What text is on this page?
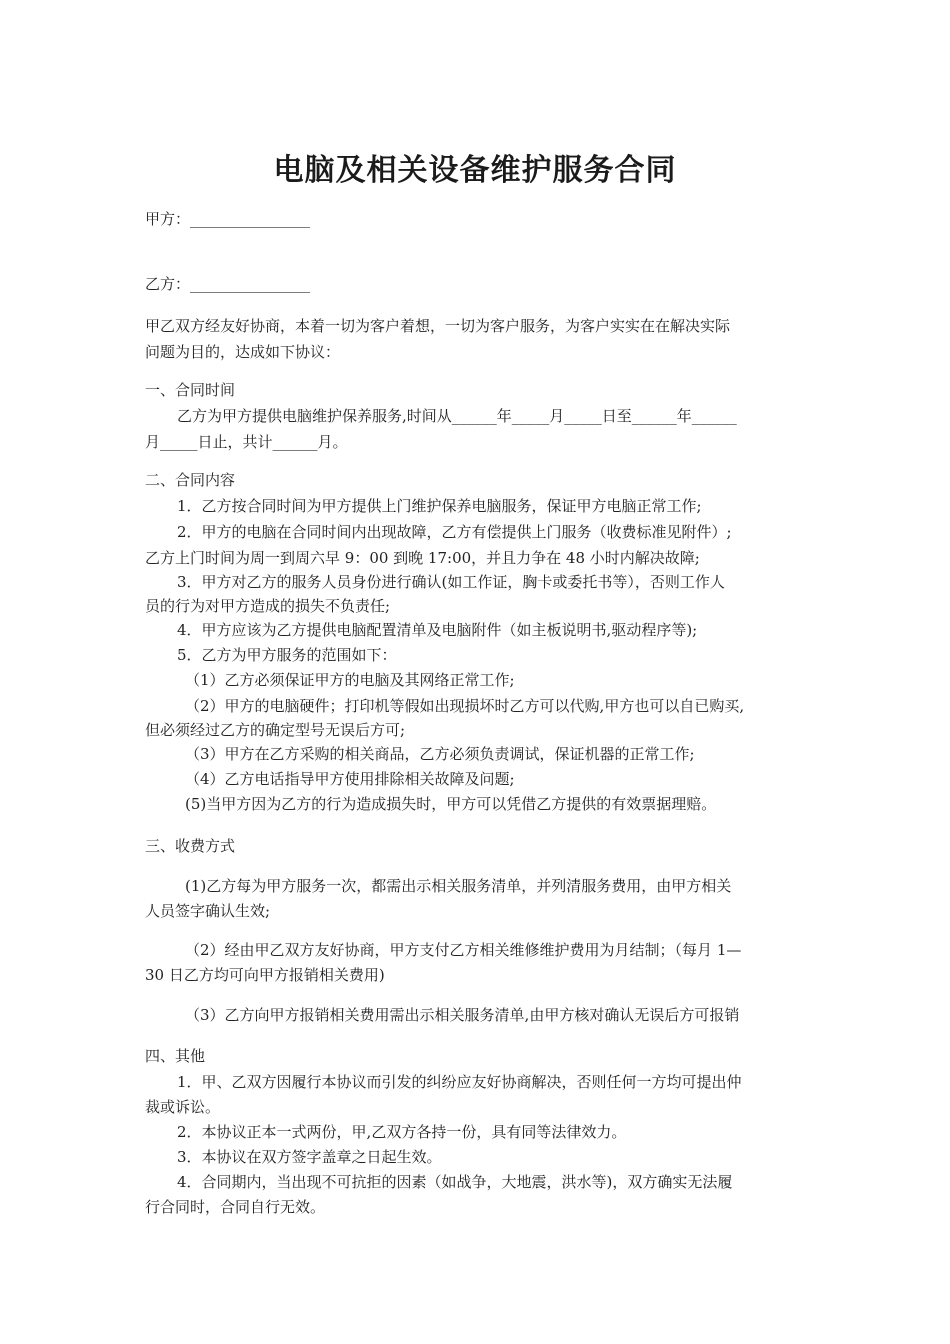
电脑及相关设备维护服务合同
甲方：________________
乙方：________________
甲乙双方经友好协商，本着一切为客户着想，一切为客户服务，为客户实实在在解决实际
问题为目的，达成如下协议：
一、合同时间
乙方为甲方提供电脑维护保养服务,时间从______年_____月_____日至______年______
月_____日止，共计______月。
二、合同内容
1．乙方按合同时间为甲方提供上门维护保养电脑服务，保证甲方电脑正常工作;
2．甲方的电脑在合同时间内出现故障，乙方有偿提供上门服务（收费标准见附件）;
乙方上门时间为周一到周六早 9：00 到晚 17:00，并且力争在 48 小时内解决故障;
3．甲方对乙方的服务人员身份进行确认(如工作证，胸卡或委托书等），否则工作人
员的行为对甲方造成的损失不负责任;
4．甲方应该为乙方提供电脑配置清单及电脑附件（如主板说明书,驱动程序等);
5．乙方为甲方服务的范围如下：
（1）乙方必须保证甲方的电脑及其网络正常工作;
（2）甲方的电脑硬件；打印机等假如出现损坏时乙方可以代购,甲方也可以自已购买,
但必须经过乙方的确定型号无误后方可;
（3）甲方在乙方采购的相关商品，乙方必须负责调试，保证机器的正常工作;
（4）乙方电话指导甲方使用排除相关故障及问题;
(5)当甲方因为乙方的行为造成损失时，甲方可以凭借乙方提供的有效票据理赔。
三、收费方式
(1)乙方每为甲方服务一次，都需出示相关服务清单，并列清服务费用，由甲方相关
人员签字确认生效;
（2）经由甲乙双方友好协商，甲方支付乙方相关维修维护费用为月结制；（每月 1—
30 日乙方均可向甲方报销相关费用)
（3）乙方向甲方报销相关费用需出示相关服务清单,由甲方核对确认无误后方可报销
四、其他
1．甲、乙双方因履行本协议而引发的纠纷应友好协商解决，否则任何一方均可提出仲
裁或诉讼。
2．本协议正本一式两份，甲,乙双方各持一份，具有同等法律效力。
3．本协议在双方签字盖章之日起生效。
4．合同期内，当出现不可抗拒的因素（如战争，大地震，洪水等)，双方确实无法履
行合同时，合同自行无效。
